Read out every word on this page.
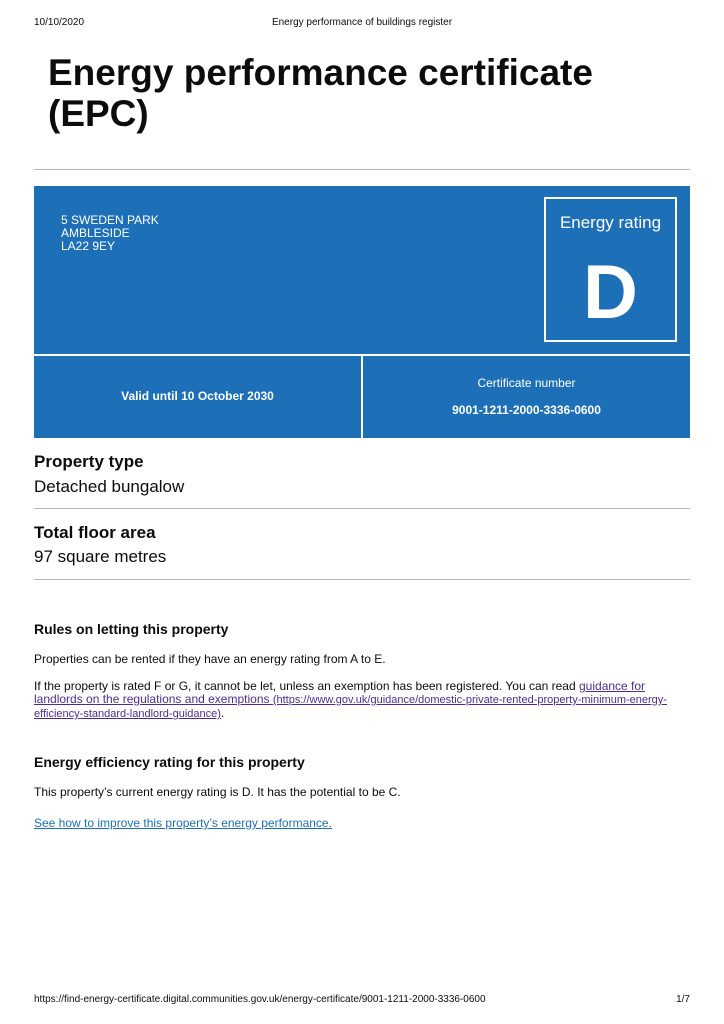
10/10/2020	Energy performance of buildings register
Energy performance certificate (EPC)
5 SWEDEN PARK
AMBLESIDE
LA22 9EY
Energy rating
D
Valid until 10 October 2030
Certificate number
9001-1211-2000-3336-0600
Property type
Detached bungalow
Total floor area
97 square metres
Rules on letting this property

Properties can be rented if they have an energy rating from A to E.

If the property is rated F or G, it cannot be let, unless an exemption has been registered. You can read guidance for landlords on the regulations and exemptions (https://www.gov.uk/guidance/domestic-private-rented-property-minimum-energy-efficiency-standard-landlord-guidance).

Energy efficiency rating for this property

This property’s current energy rating is D. It has the potential to be C.

See how to improve this property’s energy performance.

https://find-energy-certificate.digital.communities.gov.uk/energy-certificate/9001-1211-2000-3336-0600	1/7
